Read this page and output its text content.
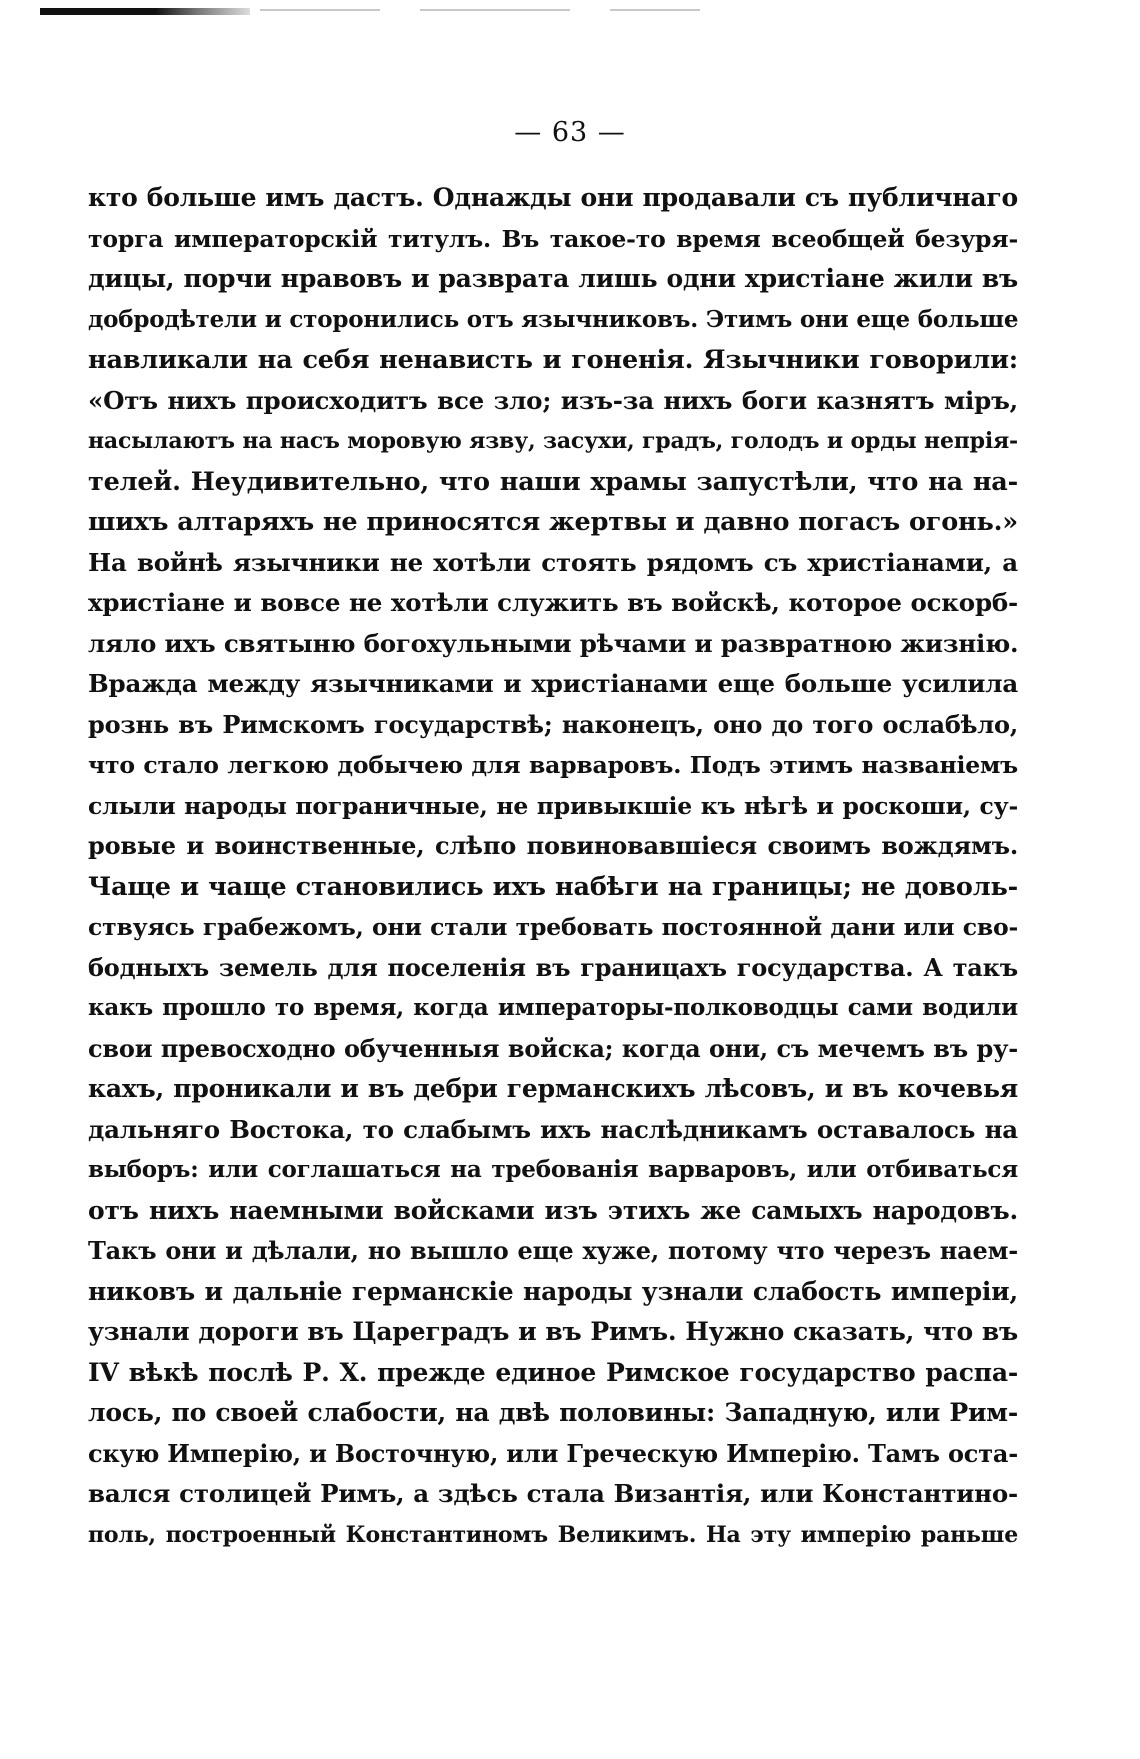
— 63 —
кто больше имъ дастъ. Однажды они продавали съ публичнаго
торга императорскій титулъ. Въ такое-то время всеобщей безуря-
дицы, порчи нравовъ и разврата лишь одни христіане жили въ
добродѣтели и сторонились отъ язычниковъ. Этимъ они еще больше
навликали на себя ненависть и гоненія. Язычники говорили:
«Отъ нихъ происходитъ все зло; изъ-за нихъ боги казнятъ міръ,
насылаютъ на насъ моровую язву, засухи, градъ, голодъ и орды непрія-
телей. Неудивительно, что наши храмы запустѣли, что на на-
шихъ алтаряхъ не приносятся жертвы и давно погасъ огонь.»
На войнѣ язычники не хотѣли стоять рядомъ съ христіанами, а
христіане и вовсе не хотѣли служить въ войскѣ, которое оскорб-
ляло ихъ святыню богохульными рѣчами и развратною жизнію.
Вражда между язычниками и христіанами еще больше усилила
рознь въ Римскомъ государствѣ; наконецъ, оно до того ослабѣло,
что стало легкою добычею для варваровъ. Подъ этимъ названіемъ
слыли народы пограничные, не привыкшіе къ нѣгѣ и роскоши, су-
ровые и воинственные, слѣпо повиновавшіеся своимъ вождямъ.
Чаще и чаще становились ихъ набѣги на границы; не доволь-
ствуясь грабежомъ, они стали требовать постоянной дани или сво-
бодныхъ земель для поселенія въ границахъ государства. А такъ
какъ прошло то время, когда императоры-полководцы сами водили
свои превосходно обученныя войска; когда они, съ мечемъ въ ру-
кахъ, проникали и въ дебри германскихъ лѣсовъ, и въ кочевья
дальняго Востока, то слабымъ ихъ наслѣдникамъ оставалось на
выборъ: или соглашаться на требованія варваровъ, или отбиваться
отъ нихъ наемными войсками изъ этихъ же самыхъ народовъ.
Такъ они и дѣлали, но вышло еще хуже, потому что черезъ наем-
никовъ и дальніе германскіе народы узнали слабость имперіи,
узнали дороги въ Цареградъ и въ Римъ. Нужно сказать, что въ
IV вѣкѣ послѣ Р. Х. прежде единое Римское государство распа-
лось, по своей слабости, на двѣ половины: Западную, или Рим-
скую Имперію, и Восточную, или Греческую Имперію. Тамъ оста-
вался столицей Римъ, а здѣсь стала Византія, или Константино-
поль, построенный Константиномъ Великимъ. На эту имперію раньше
